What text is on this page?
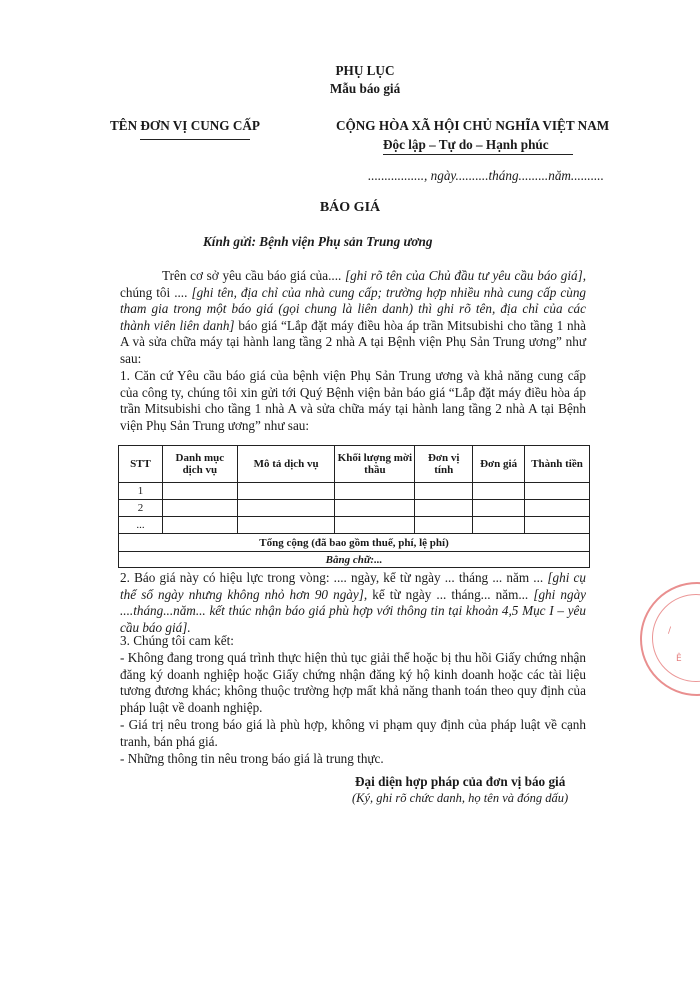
PHỤ LỤC
Mẫu báo giá
TÊN ĐƠN VỊ CUNG CẤP	CỘNG HÒA XÃ HỘI CHỦ NGHĨA VIỆT NAM
Độc lập – Tự do – Hạnh phúc
................., ngày..........tháng.........năm..........
BÁO GIÁ
Kính gửi: Bệnh viện Phụ sản Trung ương
Trên cơ sở yêu cầu báo giá của.... [ghi rõ tên của Chủ đầu tư yêu cầu báo giá], chúng tôi .... [ghi tên, địa chỉ của nhà cung cấp; trường hợp nhiều nhà cung cấp cùng tham gia trong một báo giá (gọi chung là liên danh) thì ghi rõ tên, địa chỉ của các thành viên liên danh] báo giá “Lắp đặt máy điều hòa áp trần Mitsubishi cho tầng 1 nhà A và sửa chữa máy tại hành lang tầng 2 nhà A tại Bệnh viện Phụ Sản Trung ương” như sau:
1. Căn cứ Yêu cầu báo giá của bệnh viện Phụ Sản Trung ương và khả năng cung cấp của công ty, chúng tôi xin gửi tới Quý Bệnh viện bản báo giá “Lắp đặt máy điều hòa áp trần Mitsubishi cho tầng 1 nhà A và sửa chữa máy tại hành lang tầng 2 nhà A tại Bệnh viện Phụ Sản Trung ương” như sau:
STT	Danh mục dịch vụ	Mô tả dịch vụ	Khối lượng mời thầu	Đơn vị tính	Đơn giá	Thành tiền
1						
2						
...						
Tổng cộng (đã bao gồm thuế, phí, lệ phí)						
Bằng chữ:...						
2. Báo giá này có hiệu lực trong vòng: .... ngày, kể từ ngày ... tháng ... năm ... [ghi cụ thể số ngày nhưng không nhỏ hơn 90 ngày], kể từ ngày ... tháng... năm... [ghi ngày ....tháng...năm... kết thúc nhận báo giá phù hợp với thông tin tại khoản 4,5 Mục I – yêu cầu báo giá].
3. Chúng tôi cam kết:
- Không đang trong quá trình thực hiện thủ tục giải thể hoặc bị thu hồi Giấy chứng nhận đăng ký doanh nghiệp hoặc Giấy chứng nhận đăng ký hộ kinh doanh hoặc các tài liệu tương đương khác; không thuộc trường hợp mất khả năng thanh toán theo quy định của pháp luật về doanh nghiệp.
- Giá trị nêu trong báo giá là phù hợp, không vi phạm quy định của pháp luật về cạnh tranh, bán phá giá.
- Những thông tin nêu trong báo giá là trung thực.
Đại diện hợp pháp của đơn vị báo giá
(Ký, ghi rõ chức danh, họ tên và đóng dấu)
/
Ê
